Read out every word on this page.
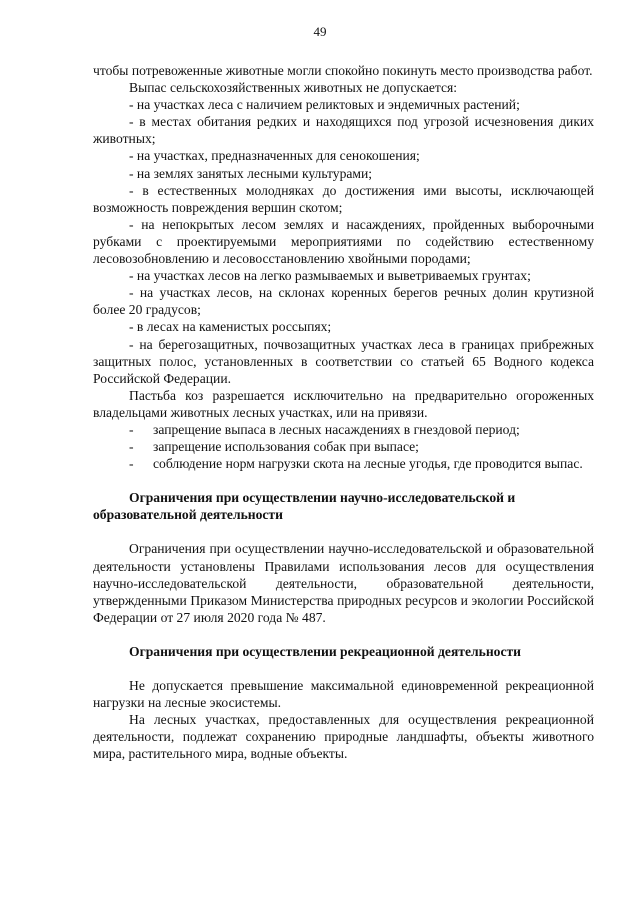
49

чтобы потревоженные животные могли спокойно покинуть место производства работ.

Выпас сельскохозяйственных животных не допускается:

- на участках леса с наличием реликтовых и эндемичных растений;

- в местах обитания редких и находящихся под угрозой исчезновения диких животных;

- на участках, предназначенных для сенокошения;

- на землях занятых лесными культурами;

- в естественных молодняках до достижения ими высоты, исключающей возможность повреждения вершин скотом;

- на непокрытых лесом землях и насаждениях, пройденных выборочными рубками с проектируемыми мероприятиями по содействию естественному лесовозобновлению и лесовосстановлению хвойными породами;

- на участках лесов на легко размываемых и выветриваемых грунтах;

- на участках лесов, на склонах коренных берегов речных долин крутизной более 20 градусов;

- в лесах на каменистых россыпях;

- на берегозащитных, почвозащитных участках леса в границах прибрежных защитных полос, установленных в соответствии со статьей 65 Водного кодекса Российской Федерации.

Пастьба коз разрешается исключительно на предварительно огороженных владельцами животных лесных участках, или на привязи.

- запрещение выпаса в лесных насаждениях в гнездовой период;

- запрещение использования собак при выпасе;

- соблюдение норм нагрузки скота на лесные угодья, где проводится выпас.

Ограничения при осуществлении научно-исследовательской и образовательной деятельности

Ограничения при осуществлении научно-исследовательской и образовательной деятельности установлены Правилами использования лесов для осуществления научно-исследовательской деятельности, образовательной деятельности, утвержденными Приказом Министерства природных ресурсов и экологии Российской Федерации от 27 июля 2020 года № 487.

Ограничения при осуществлении рекреационной деятельности

Не допускается превышение максимальной единовременной рекреационной нагрузки на лесные экосистемы.

На лесных участках, предоставленных для осуществления рекреационной деятельности, подлежат сохранению природные ландшафты, объекты животного мира, растительного мира, водные объекты.
